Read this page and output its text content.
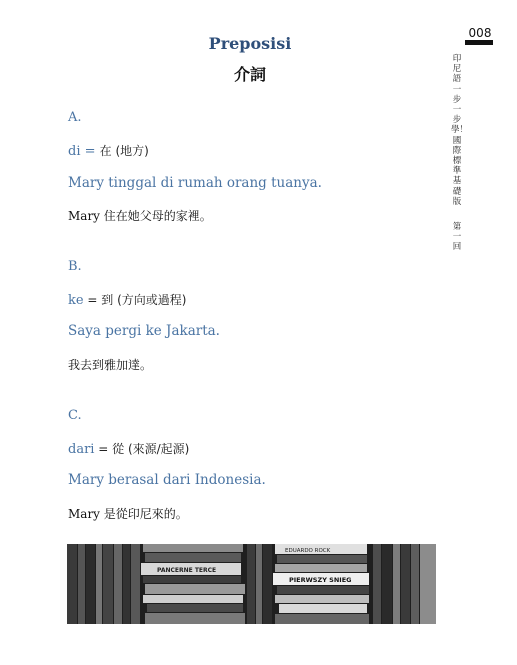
Preposisi
介詞
008
印尼語一步一步學！國際標準基礎版
第一回
A.
di = 在 (地方)
Mary tinggal di rumah orang tuanya.
Mary 住在她父母的家裡。
B.
ke = 到 (方向或過程)
Saya pergi ke Jakarta.
我去到雅加達。
C.
dari = 從 (來源/起源)
Mary berasal dari Indonesia.
Mary 是從印尼來的。
PANCERNE TERCE
EDUARDO ROCK
PIERWSZY SNIEG
